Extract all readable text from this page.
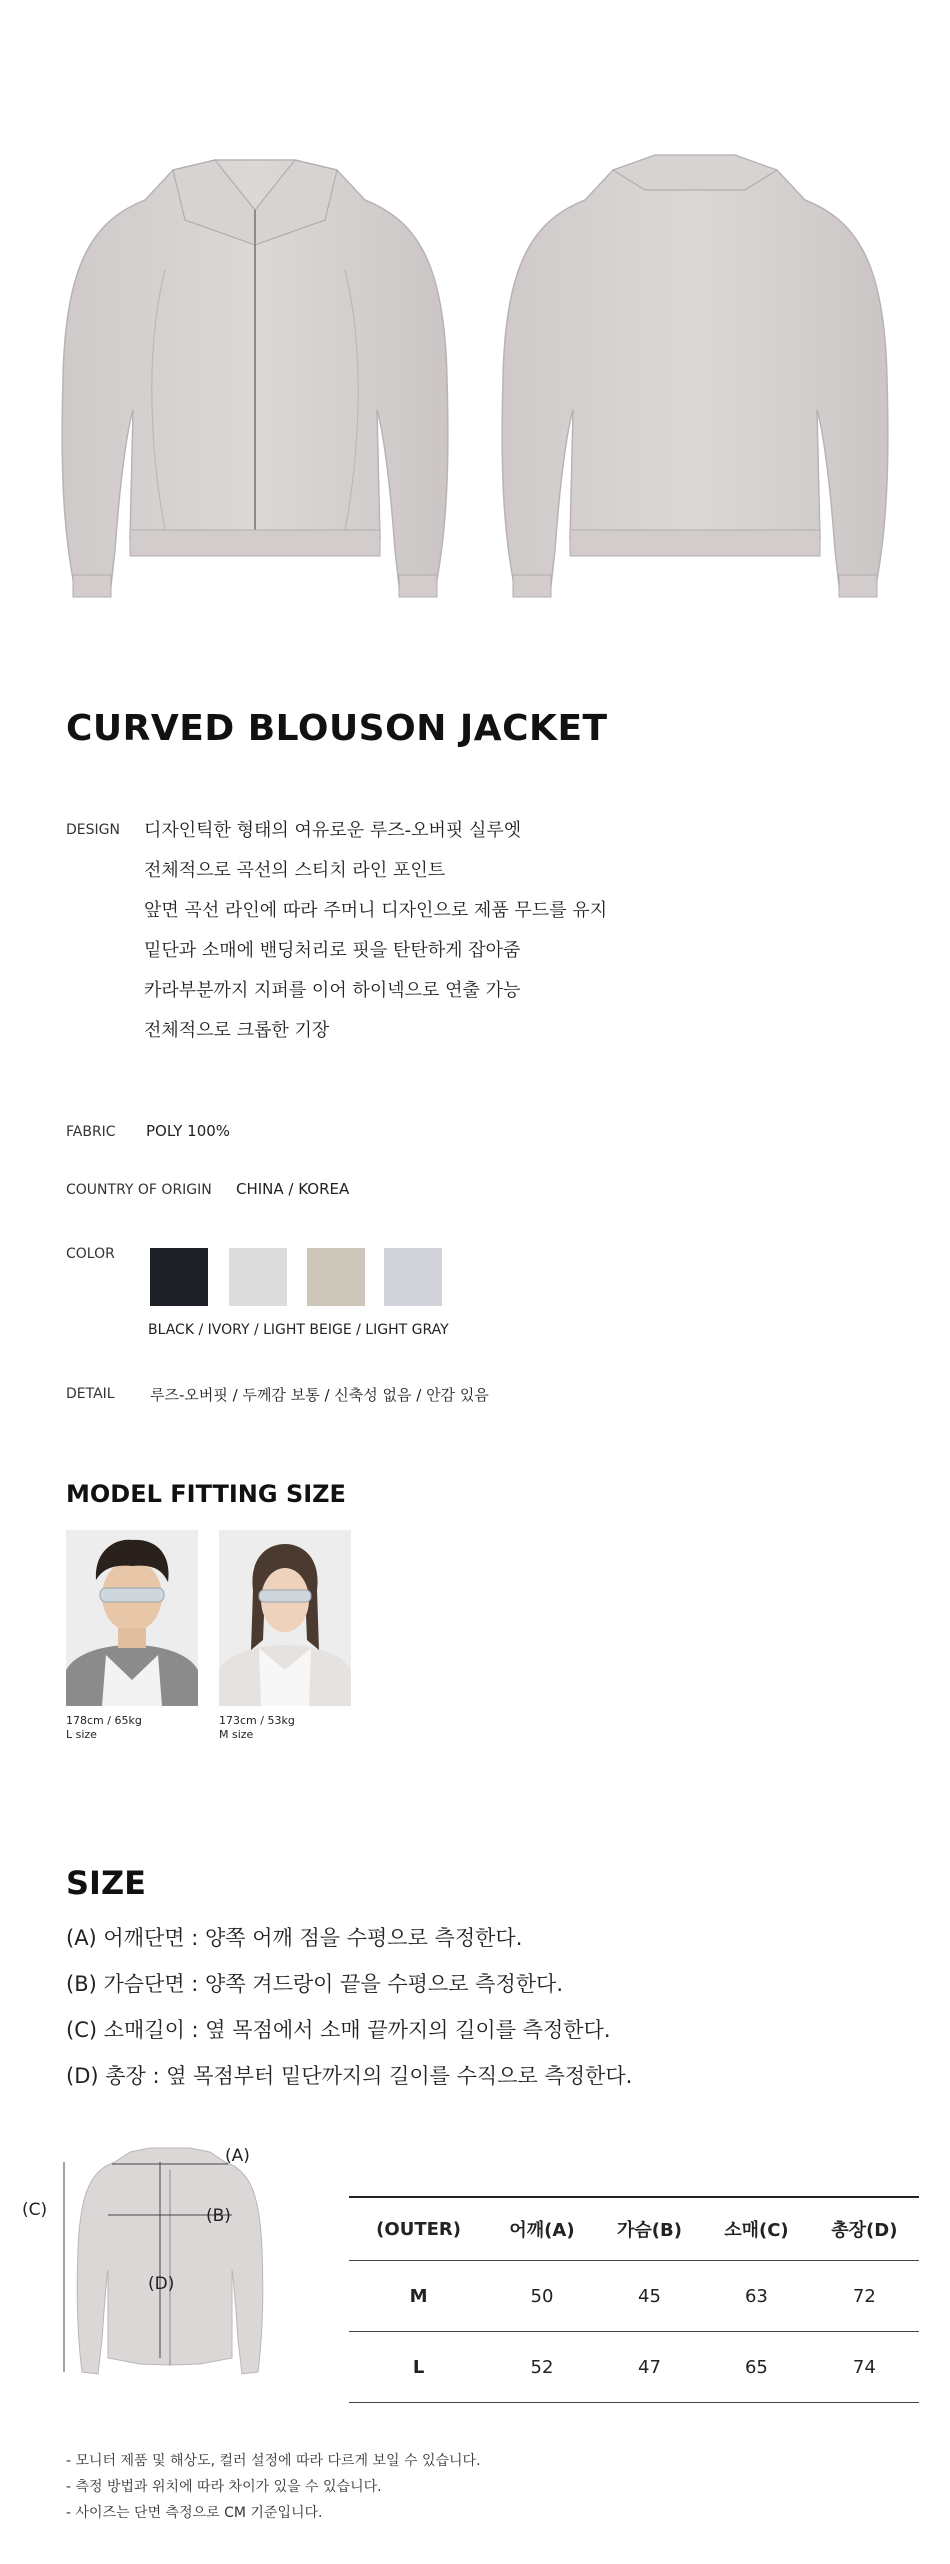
CURVED BLOUSON JACKET
DESIGN 디자인틱한 형태의 여유로운 루즈-오버핏 실루엣
전체적으로 곡선의 스티치 라인 포인트
앞면 곡선 라인에 따라 주머니 디자인으로 제품 무드를 유지
밑단과 소매에 밴딩처리로 핏을 탄탄하게 잡아줌
카라부분까지 지퍼를 이어 하이넥으로 연출 가능
전체적으로 크롭한 기장
FABRIC POLY 100%
COUNTRY OF ORIGIN CHINA / KOREA
COLOR
BLACK / IVORY / LIGHT BEIGE / LIGHT GRAY
DETAIL 루즈-오버핏 / 두께감 보통 / 신축성 없음 / 안감 있음
MODEL FITTING SIZE
178cm / 65kg
L size
173cm / 53kg
M size
SIZE
(A) 어깨단면 : 양쪽 어깨 점을 수평으로 측정한다.
(B) 가슴단면 : 양쪽 겨드랑이 끝을 수평으로 측정한다.
(C) 소매길이 : 옆 목점에서 소매 끝까지의 길이를 측정한다.
(D) 총장 : 옆 목점부터 밑단까지의 길이를 수직으로 측정한다.
(A)
(B)
(C)
(D)
(OUTER)	어깨(A)	가슴(B)	소매(C)	총장(D)
M	50	45	63	72
L	52	47	65	74
- 모니터 제품 및 해상도, 컬러 설정에 따라 다르게 보일 수 있습니다.
- 측정 방법과 위치에 따라 차이가 있을 수 있습니다.
- 사이즈는 단면 측정으로 CM 기준입니다.
